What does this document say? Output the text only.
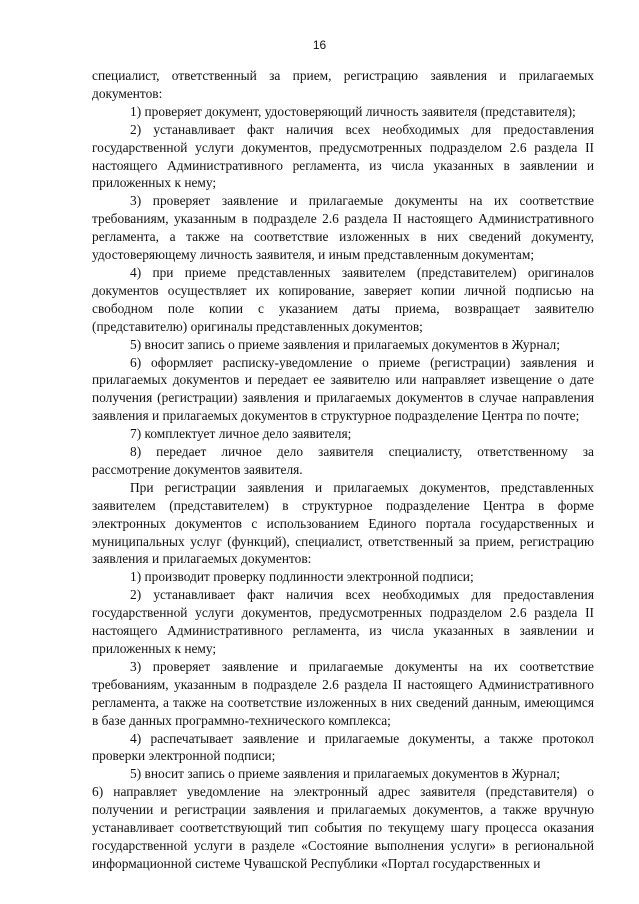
16

специалист, ответственный за прием, регистрацию заявления и прилагаемых документов:

1) проверяет документ, удостоверяющий личность заявителя (представителя);

2) устанавливает факт наличия всех необходимых для предоставления государственной услуги документов, предусмотренных подразделом 2.6 раздела II настоящего Административного регламента, из числа указанных в заявлении и приложенных к нему;

3) проверяет заявление и прилагаемые документы на их соответствие требованиям, указанным в подразделе 2.6 раздела II настоящего Административного регламента, а также на соответствие изложенных в них сведений документу, удостоверяющему личность заявителя, и иным представленным документам;

4) при приеме представленных заявителем (представителем) оригиналов документов осуществляет их копирование, заверяет копии личной подписью на свободном поле копии с указанием даты приема, возвращает заявителю (представителю) оригиналы представленных документов;

5) вносит запись о приеме заявления и прилагаемых документов в Журнал;

6) оформляет расписку-уведомление о приеме (регистрации) заявления и прилагаемых документов и передает ее заявителю или направляет извещение о дате получения (регистрации) заявления и прилагаемых документов в случае направления заявления и прилагаемых документов в структурное подразделение Центра по почте;

7) комплектует личное дело заявителя;

8) передает личное дело заявителя специалисту, ответственному за рассмотрение документов заявителя.

При регистрации заявления и прилагаемых документов, представленных заявителем (представителем) в структурное подразделение Центра в форме электронных документов с использованием Единого портала государственных и муниципальных услуг (функций), специалист, ответственный за прием, регистрацию заявления и прилагаемых документов:

1) производит проверку подлинности электронной подписи;

2) устанавливает факт наличия всех необходимых для предоставления государственной услуги документов, предусмотренных подразделом 2.6 раздела II настоящего Административного регламента, из числа указанных в заявлении и приложенных к нему;

3) проверяет заявление и прилагаемые документы на их соответствие требованиям, указанным в подразделе 2.6 раздела II настоящего Административного регламента, а также на соответствие изложенных в них сведений данным, имеющимся в базе данных программно-технического комплекса;

4) распечатывает заявление и прилагаемые документы, а также протокол проверки электронной подписи;

5) вносит запись о приеме заявления и прилагаемых документов в Журнал;

6) направляет уведомление на электронный адрес заявителя (представителя) о получении и регистрации заявления и прилагаемых документов, а также вручную устанавливает соответствующий тип события по текущему шагу процесса оказания государственной услуги в разделе «Состояние выполнения услуги» в региональной информационной системе Чувашской Республики «Портал государственных и
